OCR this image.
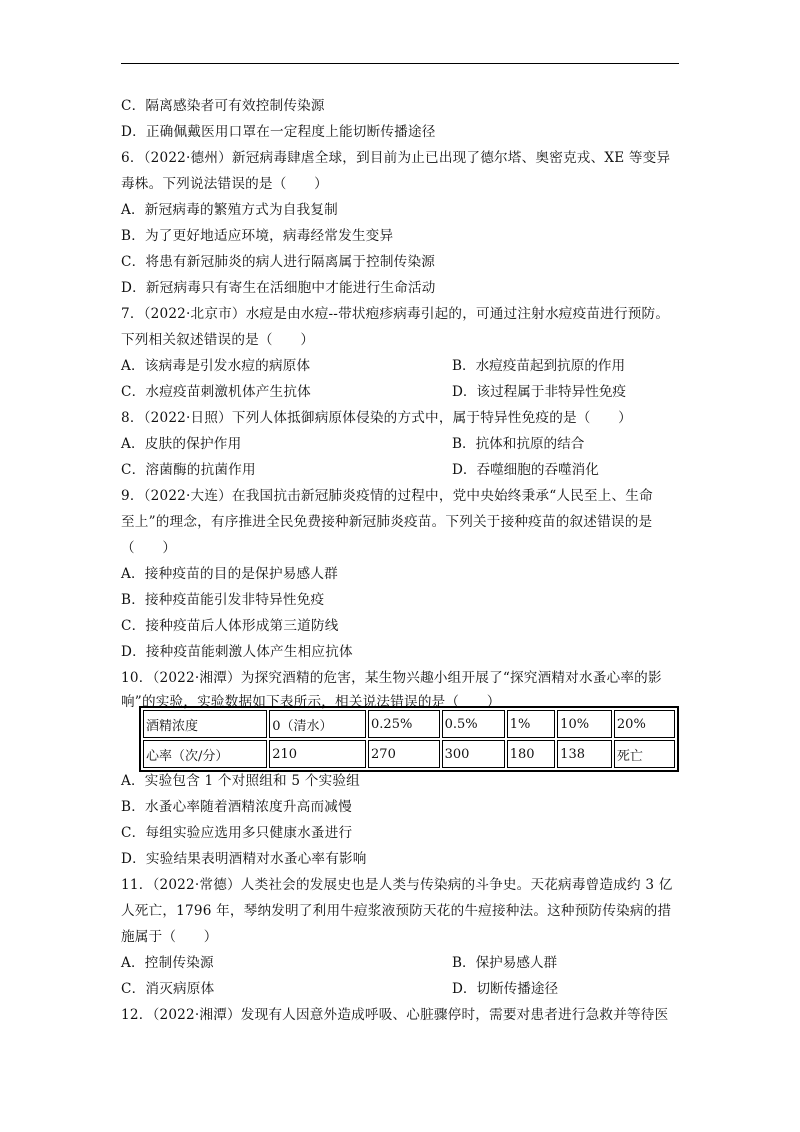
C．隔离感染者可有效控制传染源
D．正确佩戴医用口罩在一定程度上能切断传播途径
6．（2022·德州）新冠病毒肆虐全球，到目前为止已出现了德尔塔、奥密克戎、XE 等变异
毒株。下列说法错误的是（　　）
A．新冠病毒的繁殖方式为自我复制
B．为了更好地适应环境，病毒经常发生变异
C．将患有新冠肺炎的病人进行隔离属于控制传染源
D．新冠病毒只有寄生在活细胞中才能进行生命活动
7．（2022·北京市）水痘是由水痘--带状疱疹病毒引起的，可通过注射水痘疫苗进行预防。
下列相关叙述错误的是（　　）
A．该病毒是引发水痘的病原体	B．水痘疫苗起到抗原的作用
C．水痘疫苗刺激机体产生抗体	D．该过程属于非特异性免疫
8．（2022·日照）下列人体抵御病原体侵染的方式中，属于特异性免疫的是（　　）
A．皮肤的保护作用	B．抗体和抗原的结合
C．溶菌酶的抗菌作用	D．吞噬细胞的吞噬消化
9．（2022·大连）在我国抗击新冠肺炎疫情的过程中，党中央始终秉承“人民至上、生命
至上”的理念，有序推进全民免费接种新冠肺炎疫苗。下列关于接种疫苗的叙述错误的是
（　　）
A．接种疫苗的目的是保护易感人群
B．接种疫苗能引发非特异性免疫
C．接种疫苗后人体形成第三道防线
D．接种疫苗能刺激人体产生相应抗体
10．（2022·湘潭）为探究酒精的危害，某生物兴趣小组开展了“探究酒精对水蚤心率的影
响”的实验，实验数据如下表所示，相关说法错误的是（　　）
酒精浓度	0（清水）	0.25%	0.5%	1%	10%	20%
心率（次/分）	210	270	300	180	138	死亡
A．实验包含 1 个对照组和 5 个实验组
B．水蚤心率随着酒精浓度升高而减慢
C．每组实验应选用多只健康水蚤进行
D．实验结果表明酒精对水蚤心率有影响
11．（2022·常德）人类社会的发展史也是人类与传染病的斗争史。天花病毒曾造成约 3 亿
人死亡，1796 年，琴纳发明了利用牛痘浆液预防天花的牛痘接种法。这种预防传染病的措
施属于（　　）
A．控制传染源	B．保护易感人群
C．消灭病原体	D．切断传播途径
12．（2022·湘潭）发现有人因意外造成呼吸、心脏骤停时，需要对患者进行急救并等待医
